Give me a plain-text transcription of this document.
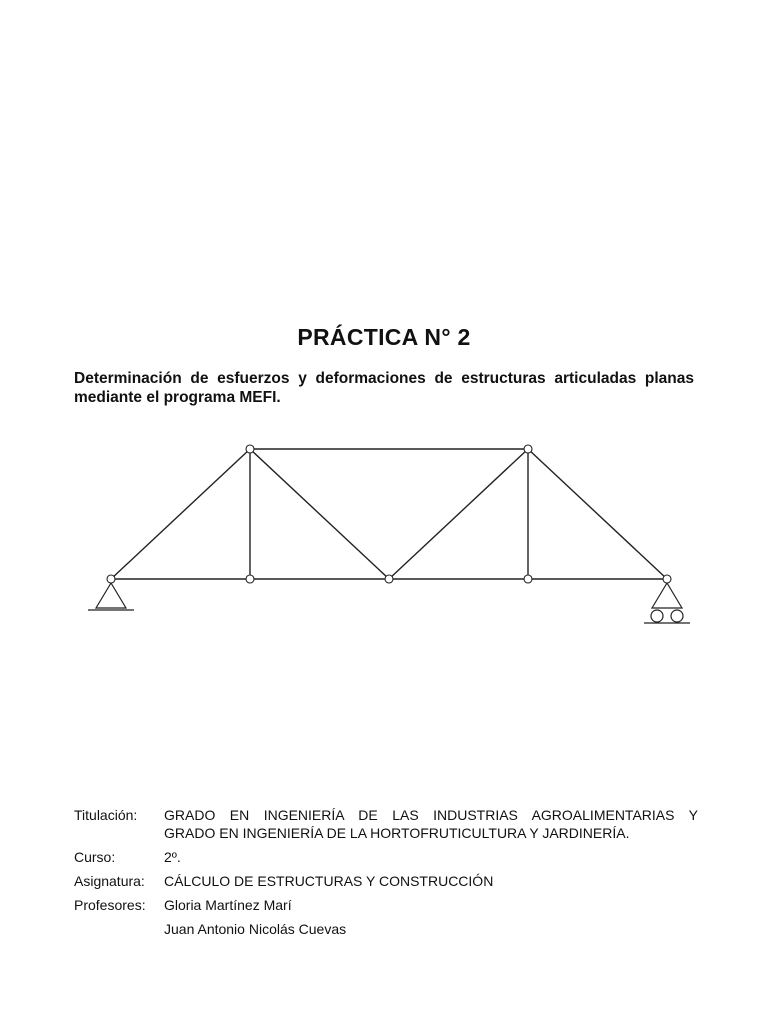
PRÁCTICA N° 2
Determinación de esfuerzos y deformaciones de estructuras articuladas planas mediante el programa MEFI.
Titulación:	GRADO EN INGENIERÍA DE LAS INDUSTRIAS AGROALIMENTARIAS Y
GRADO EN INGENIERÍA DE LA HORTOFRUTICULTURA Y JARDINERÍA.

Curso:	2º.
Asignatura:	CÁLCULO DE ESTRUCTURAS Y CONSTRUCCIÓN
Profesores:	Gloria Martínez Marí
	Juan Antonio Nicolás Cuevas
